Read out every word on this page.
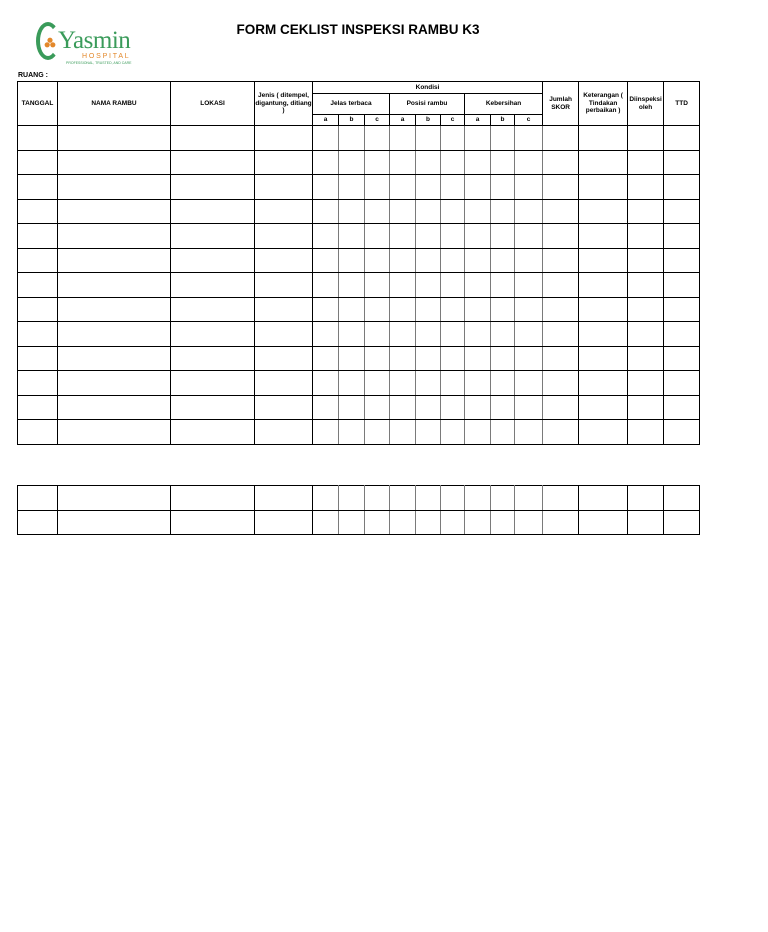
Yasmin
HOSPITAL
PROFESSIONAL, TRUSTED, AND CARE
FORM CEKLIST INSPEKSI RAMBU K3
RUANG :
TANGGAL	NAMA RAMBU	LOKASI	Jenis ( ditempel, digantung, ditiang )	Kondisi									Jumlah SKOR	Keterangan ( Tindakan perbaikan )	Diinspeksi oleh	TTD
				Jelas terbaca			Posisi rambu			Kebersihan						
				a	b	c	a	b	c	a	b	c				
